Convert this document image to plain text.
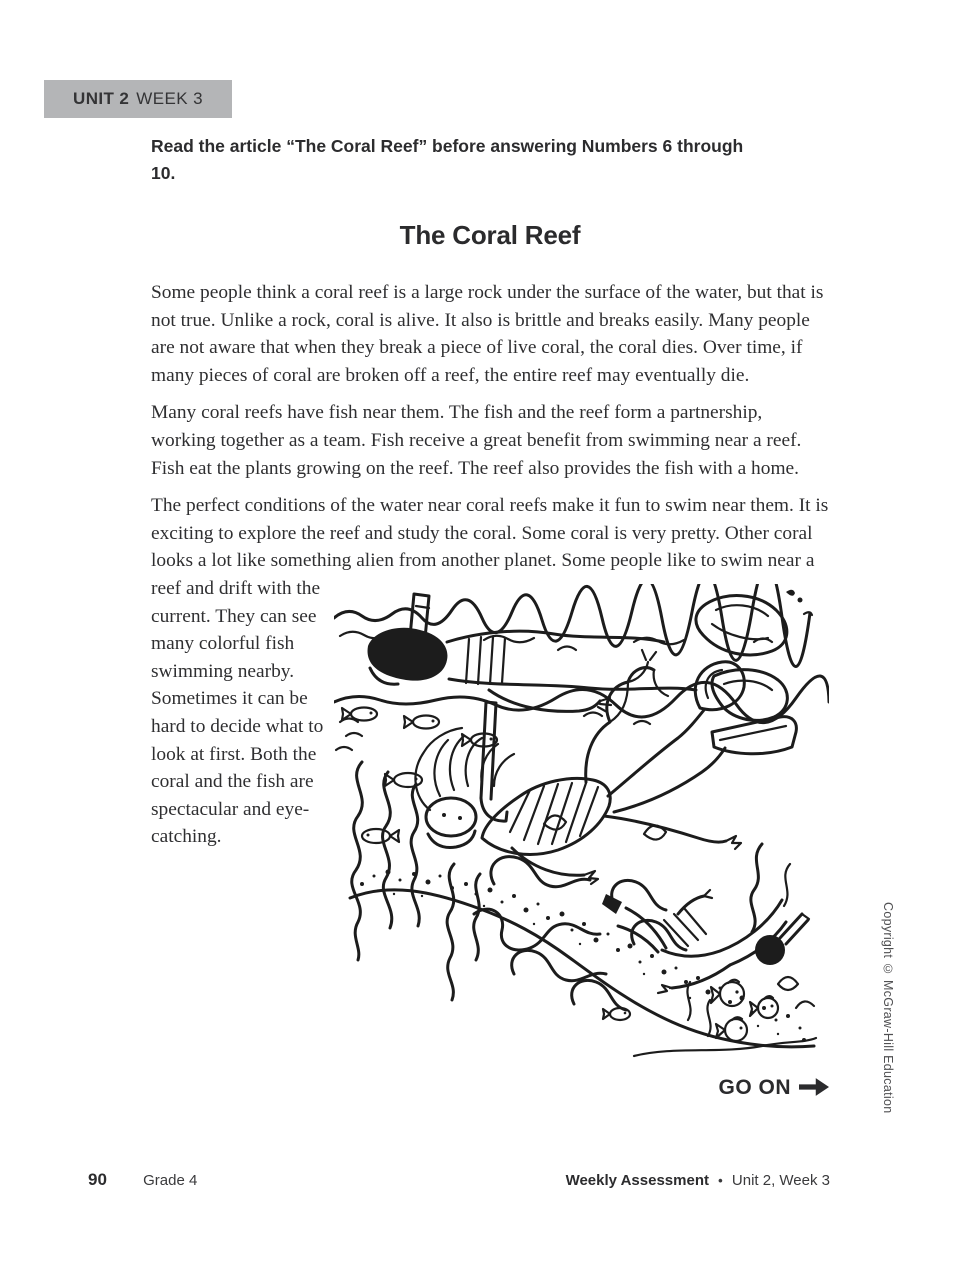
UNIT 2 WEEK 3

Read the article “The Coral Reef” before answering Numbers 6 through 10.

The Coral Reef

Some people think a coral reef is a large rock under the surface of the water, but that is not true. Unlike a rock, coral is alive. It also is brittle and breaks easily. Many people are not aware that when they break a piece of live coral, the coral dies. Over time, if many pieces of coral are broken off a reef, the entire reef may eventually die.

Many coral reefs have fish near them. The fish and the reef form a partnership, working together as a team. Fish receive a great benefit from swimming near a reef. Fish eat the plants growing on the reef. The reef also provides the fish with a home.

The perfect conditions of the water near coral reefs make it fun to swim near them. It is exciting to explore the reef and study the coral. Some coral is very pretty. Other coral looks a lot like something alien from another planet. Some people like to swim near a reef and drift with the current. They can see many colorful fish swimming nearby. Sometimes it can be hard to decide what to look at first. Both the coral and the fish are spectacular and eye-catching.

GO ON
90 Grade 4	Weekly Assessment • Unit 2, Week 3
Copyright © McGraw-Hill Education
